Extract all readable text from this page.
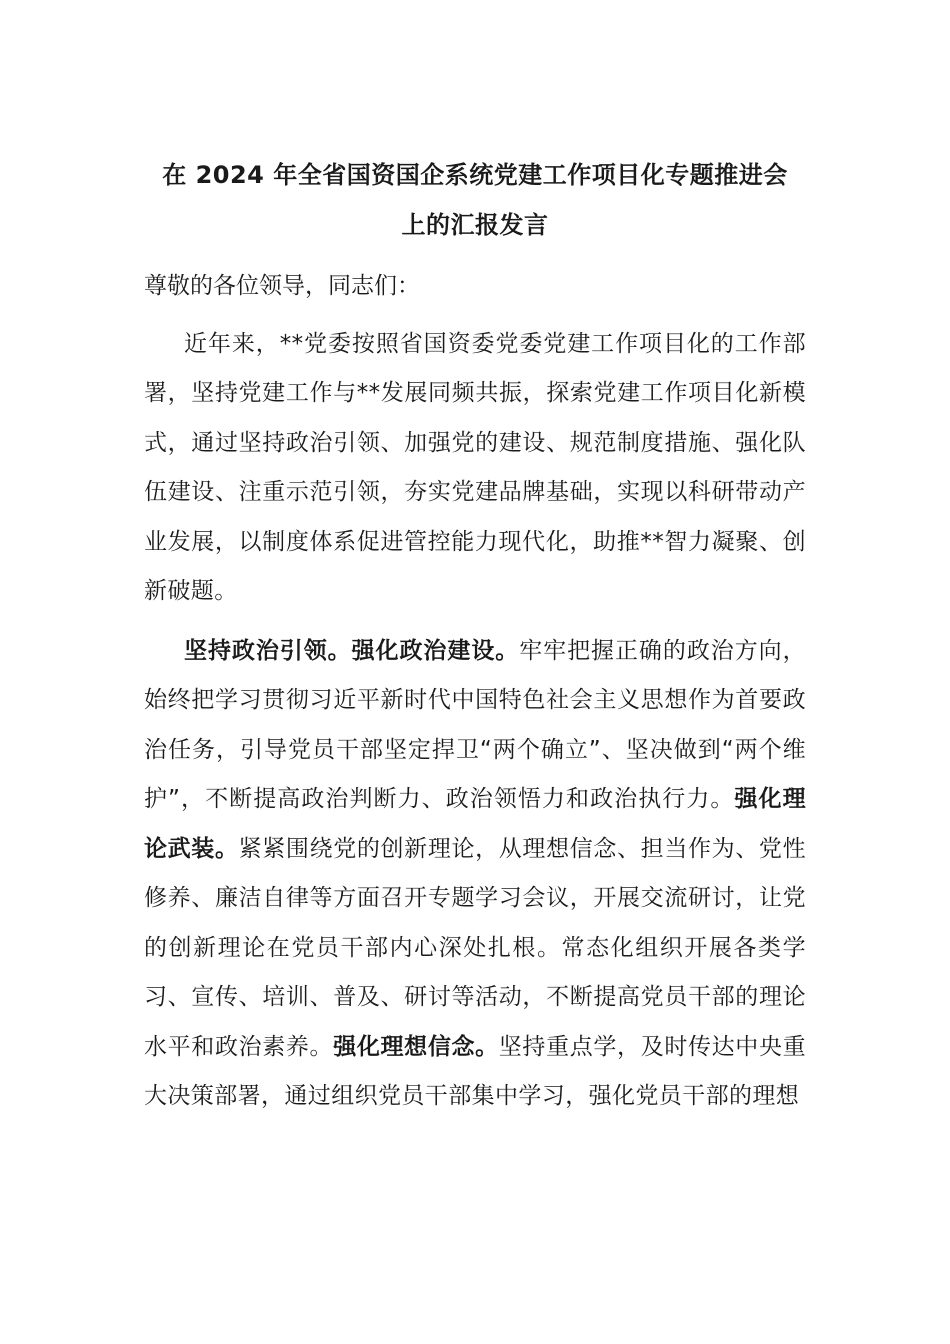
在 2024 年全省国资国企系统党建工作项目化专题推进会
上的汇报发言

尊敬的各位领导，同志们：

近年来，**党委按照省国资委党委党建工作项目化的工作部署，坚持党建工作与**发展同频共振，探索党建工作项目化新模式，通过坚持政治引领、加强党的建设、规范制度措施、强化队伍建设、注重示范引领，夯实党建品牌基础，实现以科研带动产业发展，以制度体系促进管控能力现代化，助推**智力凝聚、创新破题。

坚持政治引领。强化政治建设。牢牢把握正确的政治方向，始终把学习贯彻习近平新时代中国特色社会主义思想作为首要政治任务，引导党员干部坚定捍卫“两个确立”、坚决做到“两个维护”，不断提高政治判断力、政治领悟力和政治执行力。强化理论武装。紧紧围绕党的创新理论，从理想信念、担当作为、党性修养、廉洁自律等方面召开专题学习会议，开展交流研讨，让党的创新理论在党员干部内心深处扎根。常态化组织开展各类学习、宣传、培训、普及、研讨等活动，不断提高党员干部的理论水平和政治素养。强化理想信念。坚持重点学，及时传达中央重大决策部署，通过组织党员干部集中学习，强化党员干部的理想
